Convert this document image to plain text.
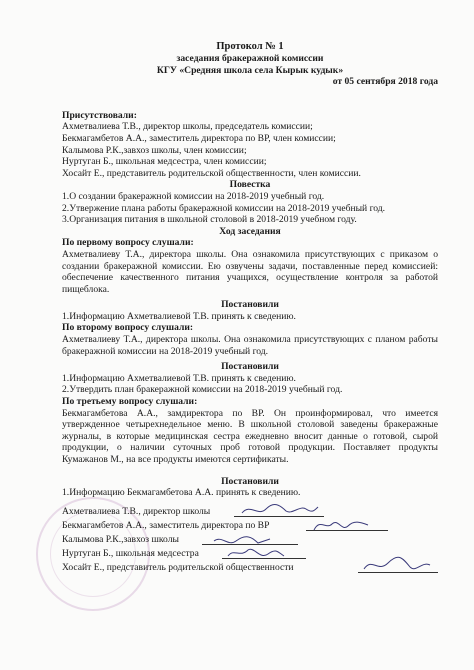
Протокол № 1
заседания бракеражной комиссии
КГУ «Средняя школа села Кырык кудык»
от 05 сентября 2018 года
Присутствовали:
Ахметвалиева Т.В., директор школы, председатель комиссии;
Бекмагамбетов А.А., заместитель директора по ВР, член комиссии;
Калымова Р.К.,завхоз школы, член комиссии;
Нуртуган Б., школьная медсестра, член комиссии;
Хосайт Е., представитель родительской общественности, член комиссии.
Повестка
1.О создании бракеражной комиссии на 2018-2019 учебный год.
2.Утвержение плана работы бракеражной комиссии на 2018-2019 учебный год.
3.Организация питания в школьной столовой в 2018-2019 учебном году.
Ход заседания
По первому вопросу слушали:

Ахметвалиеву Т.А., директора школы. Она ознакомила присутствующих с приказом о создании бракеражной комиссии. Ею озвучены задачи, поставленные перед комиссией: обеспечение качественного питания учащихся, осуществление контроля за работой пищеблока.

Постановили
1.Информацию Ахметвалиевой Т.В. принять к сведению.
По второму вопросу слушали:

Ахметвалиеву Т.А., директора школы. Она ознакомила присутствующих с планом работы бракеражной комиссии на 2018-2019 учебный год.

Постановили
1.Информацию Ахметвалиевой Т.В. принять к сведению.
2.Утвердить план бракеражной комиссии на 2018-2019 учебный год.
По третьему вопросу слушали:

Бекмагамбетова А.А., замдиректора по ВР. Он проинформировал, что имеется утвержденное четырехнедельное меню. В школьной столовой заведены бракеражные журналы, в которые медицинская сестра ежедневно вносит данные о готовой, сырой продукции, о наличии суточных проб готовой продукции. Поставляет продукты Кумажанов М., на все продукты имеются сертификаты.

Постановили
1.Информацию Бекмагамбетова А.А. принять к сведению.
Ахметвалиева Т.В., директор школы
Бекмагамбетов А.А., заместитель директора по ВР
Калымова Р.К.,завхоз школы
Нуртуган Б., школьная медсестра
Хосайт Е., представитель родительской общественности
